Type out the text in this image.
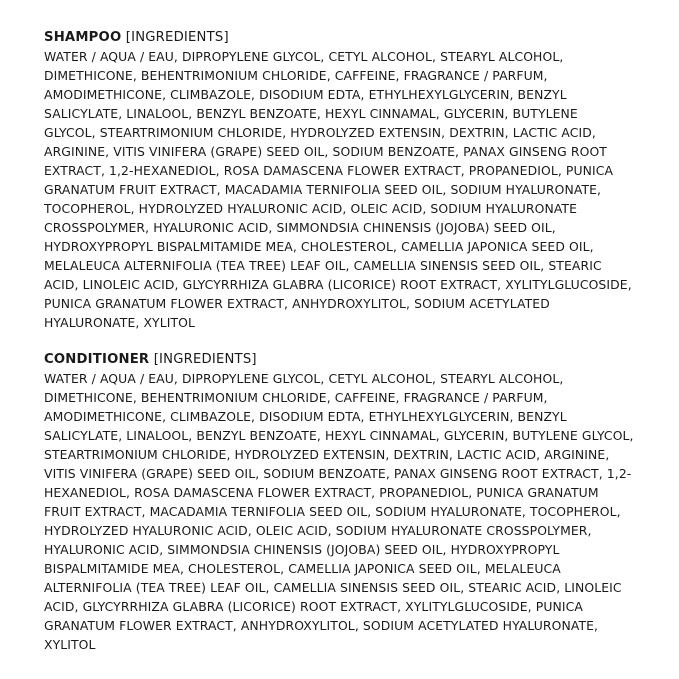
SHAMPOO [INGREDIENTS]

WATER / AQUA / EAU, DIPROPYLENE GLYCOL, CETYL ALCOHOL, STEARYL ALCOHOL,
DIMETHICONE, BEHENTRIMONIUM CHLORIDE, CAFFEINE, FRAGRANCE / PARFUM,
AMODIMETHICONE, CLIMBAZOLE, DISODIUM EDTA, ETHYLHEXYLGLYCERIN, BENZYL
SALICYLATE, LINALOOL, BENZYL BENZOATE, HEXYL CINNAMAL, GLYCERIN, BUTYLENE
GLYCOL, STEARTRIMONIUM CHLORIDE, HYDROLYZED EXTENSIN, DEXTRIN, LACTIC ACID,
ARGININE, VITIS VINIFERA (GRAPE) SEED OIL, SODIUM BENZOATE, PANAX GINSENG ROOT
EXTRACT, 1,2-HEXANEDIOL, ROSA DAMASCENA FLOWER EXTRACT, PROPANEDIOL, PUNICA
GRANATUM FRUIT EXTRACT, MACADAMIA TERNIFOLIA SEED OIL, SODIUM HYALURONATE,
TOCOPHEROL, HYDROLYZED HYALURONIC ACID, OLEIC ACID, SODIUM HYALURONATE
CROSSPOLYMER, HYALURONIC ACID, SIMMONDSIA CHINENSIS (JOJOBA) SEED OIL,
HYDROXYPROPYL BISPALMITAMIDE MEA, CHOLESTEROL, CAMELLIA JAPONICA SEED OIL,
MELALEUCA ALTERNIFOLIA (TEA TREE) LEAF OIL, CAMELLIA SINENSIS SEED OIL, STEARIC
ACID, LINOLEIC ACID, GLYCYRRHIZA GLABRA (LICORICE) ROOT EXTRACT, XYLITYLGLUCOSIDE,
PUNICA GRANATUM FLOWER EXTRACT, ANHYDROXYLITOL, SODIUM ACETYLATED
HYALURONATE, XYLITOL

CONDITIONER [INGREDIENTS]

WATER / AQUA / EAU, DIPROPYLENE GLYCOL, CETYL ALCOHOL, STEARYL ALCOHOL,
DIMETHICONE, BEHENTRIMONIUM CHLORIDE, CAFFEINE, FRAGRANCE / PARFUM,
AMODIMETHICONE, CLIMBAZOLE, DISODIUM EDTA, ETHYLHEXYLGLYCERIN, BENZYL
SALICYLATE, LINALOOL, BENZYL BENZOATE, HEXYL CINNAMAL, GLYCERIN, BUTYLENE GLYCOL,
STEARTRIMONIUM CHLORIDE, HYDROLYZED EXTENSIN, DEXTRIN, LACTIC ACID, ARGININE,
VITIS VINIFERA (GRAPE) SEED OIL, SODIUM BENZOATE, PANAX GINSENG ROOT EXTRACT, 1,2-
HEXANEDIOL, ROSA DAMASCENA FLOWER EXTRACT, PROPANEDIOL, PUNICA GRANATUM
FRUIT EXTRACT, MACADAMIA TERNIFOLIA SEED OIL, SODIUM HYALURONATE, TOCOPHEROL,
HYDROLYZED HYALURONIC ACID, OLEIC ACID, SODIUM HYALURONATE CROSSPOLYMER,
HYALURONIC ACID, SIMMONDSIA CHINENSIS (JOJOBA) SEED OIL, HYDROXYPROPYL
BISPALMITAMIDE MEA, CHOLESTEROL, CAMELLIA JAPONICA SEED OIL, MELALEUCA
ALTERNIFOLIA (TEA TREE) LEAF OIL, CAMELLIA SINENSIS SEED OIL, STEARIC ACID, LINOLEIC
ACID, GLYCYRRHIZA GLABRA (LICORICE) ROOT EXTRACT, XYLITYLGLUCOSIDE, PUNICA
GRANATUM FLOWER EXTRACT, ANHYDROXYLITOL, SODIUM ACETYLATED HYALURONATE,
XYLITOL
